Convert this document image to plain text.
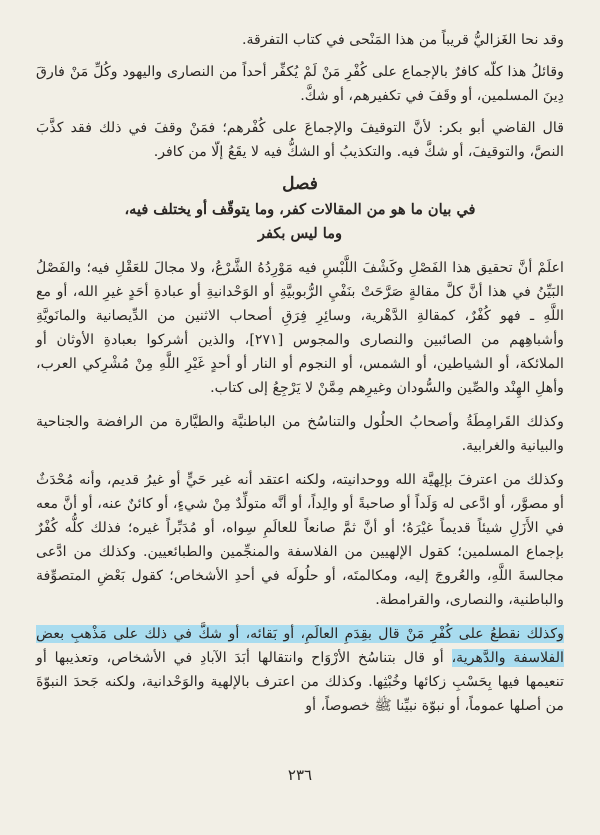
وقد نحا الغَزاليُّ قريباً من هذا المَنْحى في كتاب التفرقة.

وقائلُ هذا كلّه كافرٌ بالإجماع على كُفْرِ مَنْ لَمْ يُكفِّر أحداً من النصارى واليهود وكُلِّ مَنْ فارقَ دِينَ المسلمين، أو وقَفَ في تكفيرهم، أو شكَّ.

قال القاضي أبو بكر: لأنَّ التوقيفَ والإجماعَ على كُفْرهم؛ فمَنْ وقفَ في ذلك فقد كذَّبَ النصَّ، والتوقيفَ، أو شكَّ فيه. والتكذيبُ أو الشكُّ فيه لا يقَعُ إلّا من كافر.

فصل
في بيان ما هو من المقالات كفر، وما يتوقّف أو يختلف فيه،
وما ليس بكفر

اعلَمْ أنَّ تحقيق هذا الفَصْلِ وكَشْفَ اللَّبْسِ فيه مَوْرِدُهُ الشَّرْعُ، ولا مجالَ للعَقْلِ فيه؛ والفَصْلُ البَيِّنُ في هذا أنَّ كلَّ مقالةٍ صَرَّحَتْ بنَفْيِ الرُّبوبيَّةِ أو الوَحْدانيةِ أو عبادةِ أحَدٍ غيرِ الله، أو مع اللَّهِ ـ فهو كُفْرٌ، كمقالةِ الدَّهْرية، وسائِرِ فِرَقِ أصحاب الاثنين من الدِّيصانية والمانَويَّةِ وأشباهِهم من الصائبين والنصارى والمجوس [٢٧١]، والذين أشركوا بعبادةِ الأوثان أو الملائكة، أو الشياطين، أو الشمس، أو النجوم أو النار أو أحدٍ غَيْرِ اللَّهِ مِنْ مُشْرِكي العرب، وأهلِ الهِنْد والصِّين والسُّودان وغيرِهم مِمَّنْ لا يَرْجِعُ إلى كتاب.

وكذلك القَرامِطَةُ وأصحابُ الحلُول والتناسُخ من الباطنيَّة والطيَّارة من الرافضة والجناحية والبيانية والغرابية.

وكذلك من اعترفَ بإلِهيَّة الله ووحدانيته، ولكنه اعتقد أنه غير حَيٍّ أو غيرُ قديم، وأنه مُحْدَثٌ أو مصوَّر، أو ادَّعى له وَلَداً أو صاحبةً أو والِداً، أو أنَّه متولِّدٌ مِنْ شيءٍ، أو كائنٌ عنه، أو أنَّ معه في الأَزَلِ شيئاً قديماً غيْرَهُ؛ أو أنَّ ثمَّ صانعاً للعالَمِ سِواه، أو مُدَبِّراً غيره؛ فذلك كلُّه كُفْرٌ بإجماع المسلمين؛ كقول الإلهيين من الفلاسفة والمنجِّمين والطبائعيين. وكذلك من ادَّعى مجالسةَ اللَّهِ، والعُروجَ إليه، ومكالمتَه، أو حلُولَه في أحدِ الأشخاص؛ كقول بَعْضِ المتصوِّفة والباطنية، والنصارى، والقرامطة.

وكذلك نقطعُ على كُفْرِ مَنْ قال بقِدَمِ العالَمِ، أو بَقائه، أو شكَّ في ذلك على مَذْهبِ بعض الفلاسفة والدَّهرية، أو قال بتناسُخ الأرْوَاح وانتقالها أبَدَ الآبادِ في الأشخاص، وتعذيبها أو تنعيمها فيها بِحَسْبِ زكائها وخُبْثِها. وكذلك من اعترف بالإلهية والوَحْدانية، ولكنه جَحدَ النبوّةَ من أصلها عموماً، أو نبوّة نبيِّنا ﷺ خصوصاً، أو

٢٣٦
